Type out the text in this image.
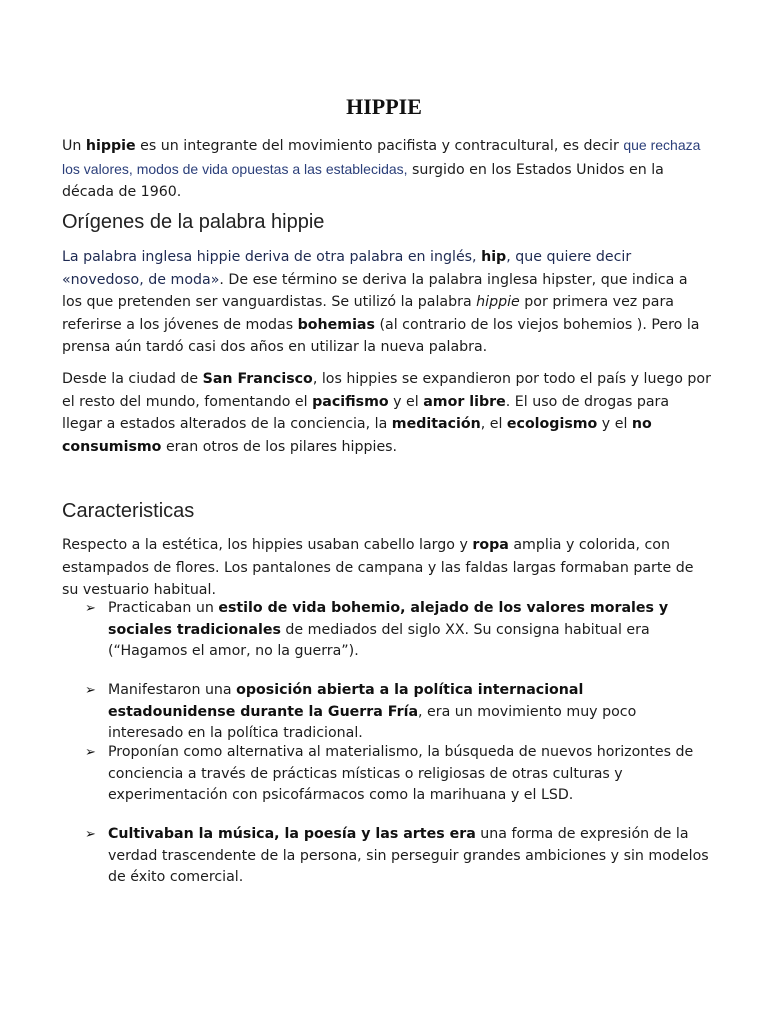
HIPPIE

Un hippie es un integrante del movimiento pacifista y contracultural, es decir que rechaza los valores, modos de vida opuestas a las establecidas, surgido en los Estados Unidos en la década de 1960.

Orígenes de la palabra hippie

La palabra inglesa hippie deriva de otra palabra en inglés, hip, que quiere decir «novedoso, de moda». De ese término se deriva la palabra inglesa hipster, que indica a los que pretenden ser vanguardistas. Se utilizó la palabra hippie por primera vez para referirse a los jóvenes de modas bohemias (al contrario de los viejos bohemios ). Pero la prensa aún tardó casi dos años en utilizar la nueva palabra.

Desde la ciudad de San Francisco, los hippies se expandieron por todo el país y luego por el resto del mundo, fomentando el pacifismo y el amor libre. El uso de drogas para llegar a estados alterados de la conciencia, la meditación, el ecologismo y el no consumismo eran otros de los pilares hippies.

Caracteristicas

Respecto a la estética, los hippies usaban cabello largo y ropa amplia y colorida, con estampados de flores. Los pantalones de campana y las faldas largas formaban parte de su vestuario habitual.

➢ Practicaban un estilo de vida bohemio, alejado de los valores morales y sociales tradicionales de mediados del siglo XX. Su consigna habitual era (“Hagamos el amor, no la guerra”).
➢ Manifestaron una oposición abierta a la política internacional estadounidense durante la Guerra Fría, era un movimiento muy poco interesado en la política tradicional.
➢ Proponían como alternativa al materialismo, la búsqueda de nuevos horizontes de conciencia a través de prácticas místicas o religiosas de otras culturas y experimentación con psicofármacos como la marihuana y el LSD.
➢ Cultivaban la música, la poesía y las artes era una forma de expresión de la verdad trascendente de la persona, sin perseguir grandes ambiciones y sin modelos de éxito comercial.
